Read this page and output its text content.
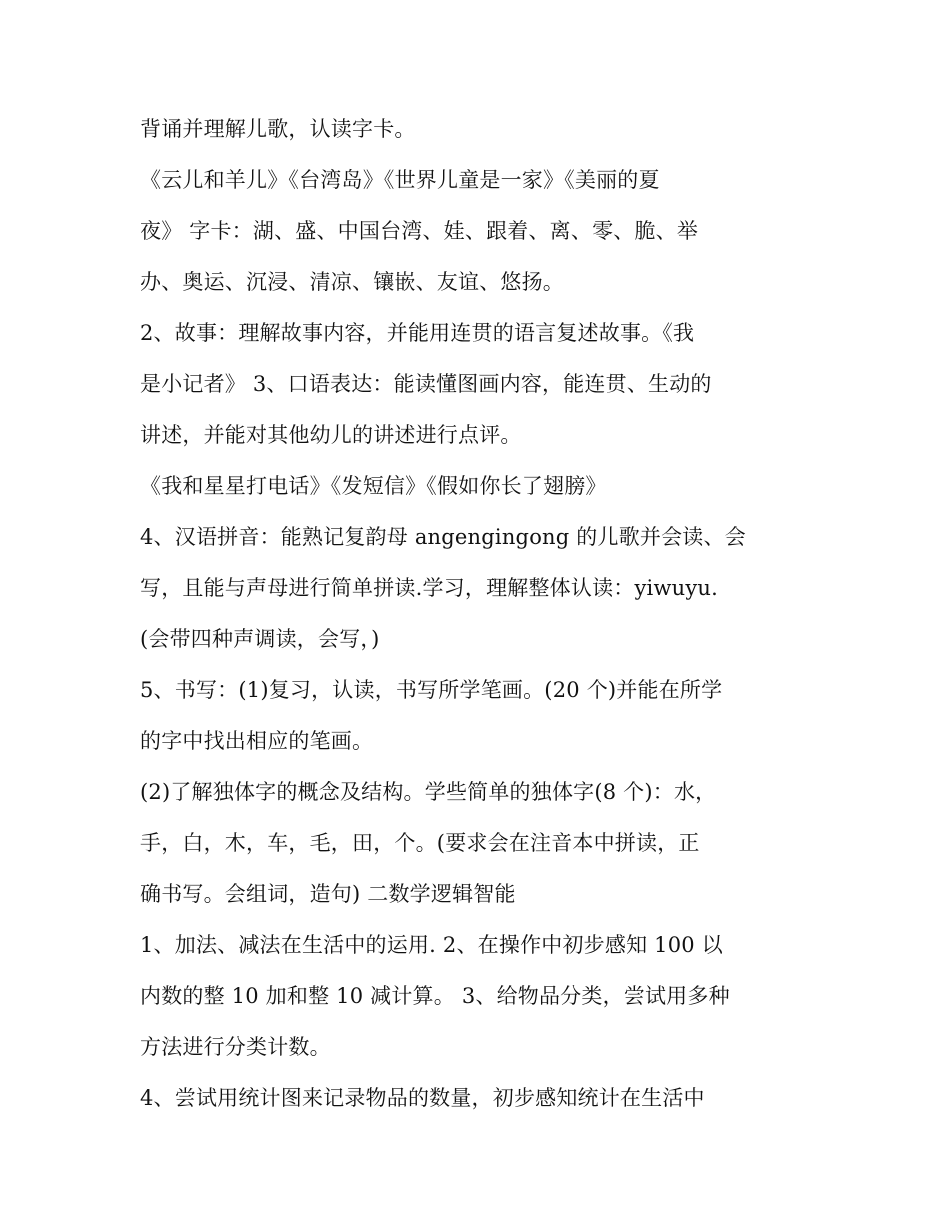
背诵并理解儿歌，认读字卡。
《云儿和羊儿》《台湾岛》《世界儿童是一家》《美丽的夏
夜》 字卡：湖、盛、中国台湾、娃、跟着、离、零、脆、举
办、奥运、沉浸、清凉、镶嵌、友谊、悠扬。
2、故事：理解故事内容，并能用连贯的语言复述故事。《我
是小记者》 3、口语表达：能读懂图画内容，能连贯、生动的
讲述，并能对其他幼儿的讲述进行点评。
《我和星星打电话》《发短信》《假如你长了翅膀》
4、汉语拼音：能熟记复韵母 angengingong 的儿歌并会读、会
写，且能与声母进行简单拼读.学习，理解整体认读：yiwuyu.
(会带四种声调读，会写，)
5、书写：(1)复习，认读，书写所学笔画。(20 个)并能在所学
的字中找出相应的笔画。
(2)了解独体字的概念及结构。学些简单的独体字(8 个)：水，
手，白，木，车，毛，田，个。(要求会在注音本中拼读，正
确书写。会组词，造句) 二数学逻辑智能
1、加法、减法在生活中的运用. 2、在操作中初步感知 100 以
内数的整 10 加和整 10 减计算。 3、给物品分类，尝试用多种
方法进行分类计数。
4、尝试用统计图来记录物品的数量，初步感知统计在生活中
